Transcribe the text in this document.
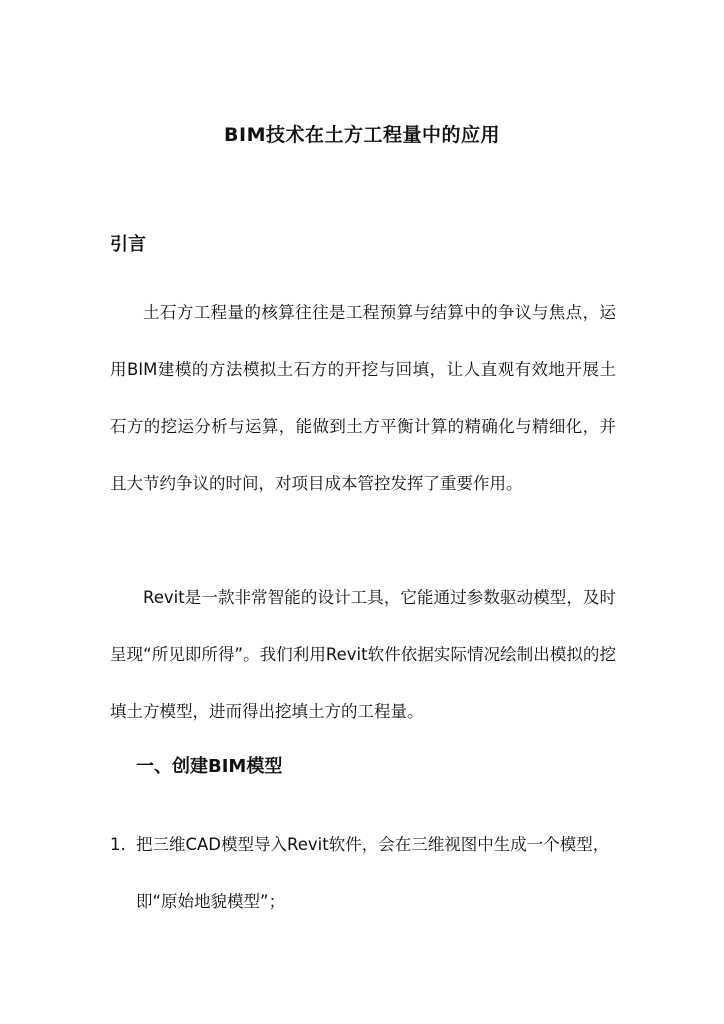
BIM技术在土方工程量中的应用
引言

土石方工程量的核算往往是工程预算与结算中的争议与焦点，运用BIM建模的方法模拟土石方的开挖与回填，让人直观有效地开展土石方的挖运分析与运算，能做到土方平衡计算的精确化与精细化，并且大节约争议的时间，对项目成本管控发挥了重要作用。

Revit是一款非常智能的设计工具，它能通过参数驱动模型，及时呈现“所见即所得”。我们利用Revit软件依据实际情况绘制出模拟的挖填土方模型，进而得出挖填土方的工程量。

一、创建BIM模型
1. 把三维CAD模型导入Revit软件，会在三维视图中生成一个模型，即“原始地貌模型”；
